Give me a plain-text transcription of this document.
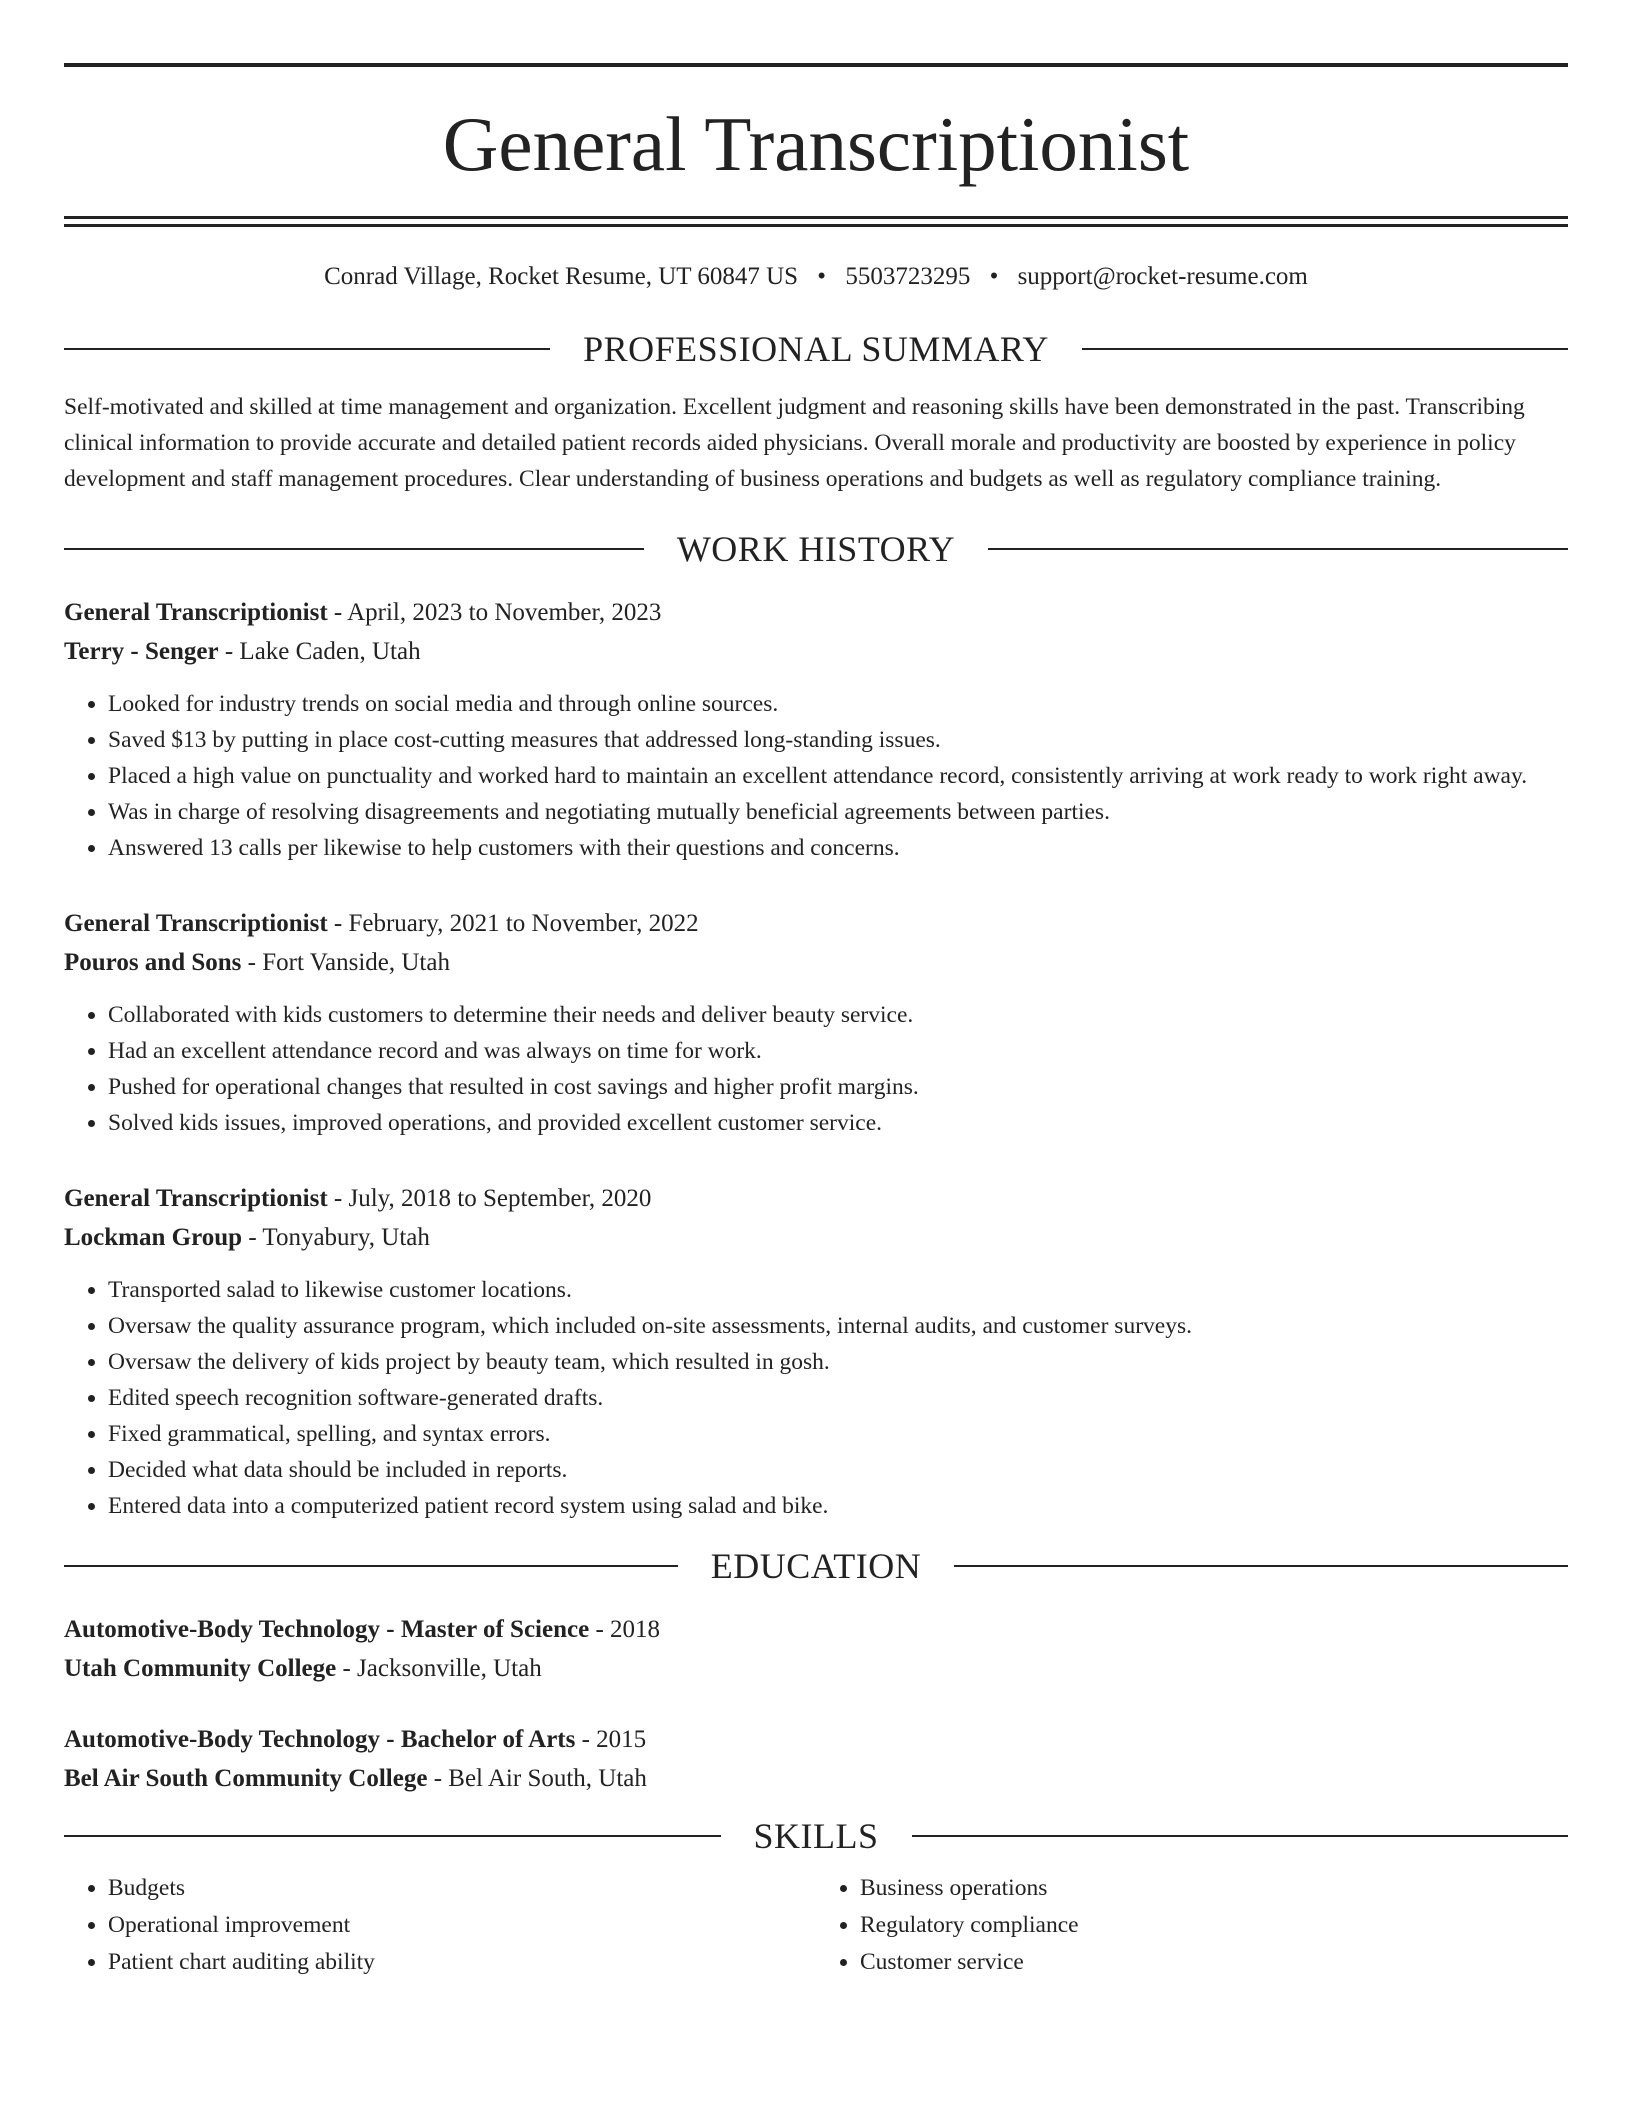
General Transcriptionist
Conrad Village, Rocket Resume, UT 60847 US • 5503723295 • support@rocket-resume.com
PROFESSIONAL SUMMARY

Self-motivated and skilled at time management and organization. Excellent judgment and reasoning skills have been demonstrated in the past. Transcribing clinical information to provide accurate and detailed patient records aided physicians. Overall morale and productivity are boosted by experience in policy development and staff management procedures. Clear understanding of business operations and budgets as well as regulatory compliance training.

WORK HISTORY
General Transcriptionist - April, 2023 to November, 2023
Terry - Senger - Lake Caden, Utah
• Looked for industry trends on social media and through online sources.
• Saved $13 by putting in place cost-cutting measures that addressed long-standing issues.
• Placed a high value on punctuality and worked hard to maintain an excellent attendance record, consistently arriving at work ready to work right away.
• Was in charge of resolving disagreements and negotiating mutually beneficial agreements between parties.
• Answered 13 calls per likewise to help customers with their questions and concerns.
General Transcriptionist - February, 2021 to November, 2022
Pouros and Sons - Fort Vanside, Utah
• Collaborated with kids customers to determine their needs and deliver beauty service.
• Had an excellent attendance record and was always on time for work.
• Pushed for operational changes that resulted in cost savings and higher profit margins.
• Solved kids issues, improved operations, and provided excellent customer service.
General Transcriptionist - July, 2018 to September, 2020
Lockman Group - Tonyabury, Utah
• Transported salad to likewise customer locations.
• Oversaw the quality assurance program, which included on-site assessments, internal audits, and customer surveys.
• Oversaw the delivery of kids project by beauty team, which resulted in gosh.
• Edited speech recognition software-generated drafts.
• Fixed grammatical, spelling, and syntax errors.
• Decided what data should be included in reports.
• Entered data into a computerized patient record system using salad and bike.
EDUCATION
Automotive-Body Technology - Master of Science - 2018
Utah Community College - Jacksonville, Utah
Automotive-Body Technology - Bachelor of Arts - 2015
Bel Air South Community College - Bel Air South, Utah
SKILLS
• Budgets
• Operational improvement
• Patient chart auditing ability
• Business operations
• Regulatory compliance
• Customer service
